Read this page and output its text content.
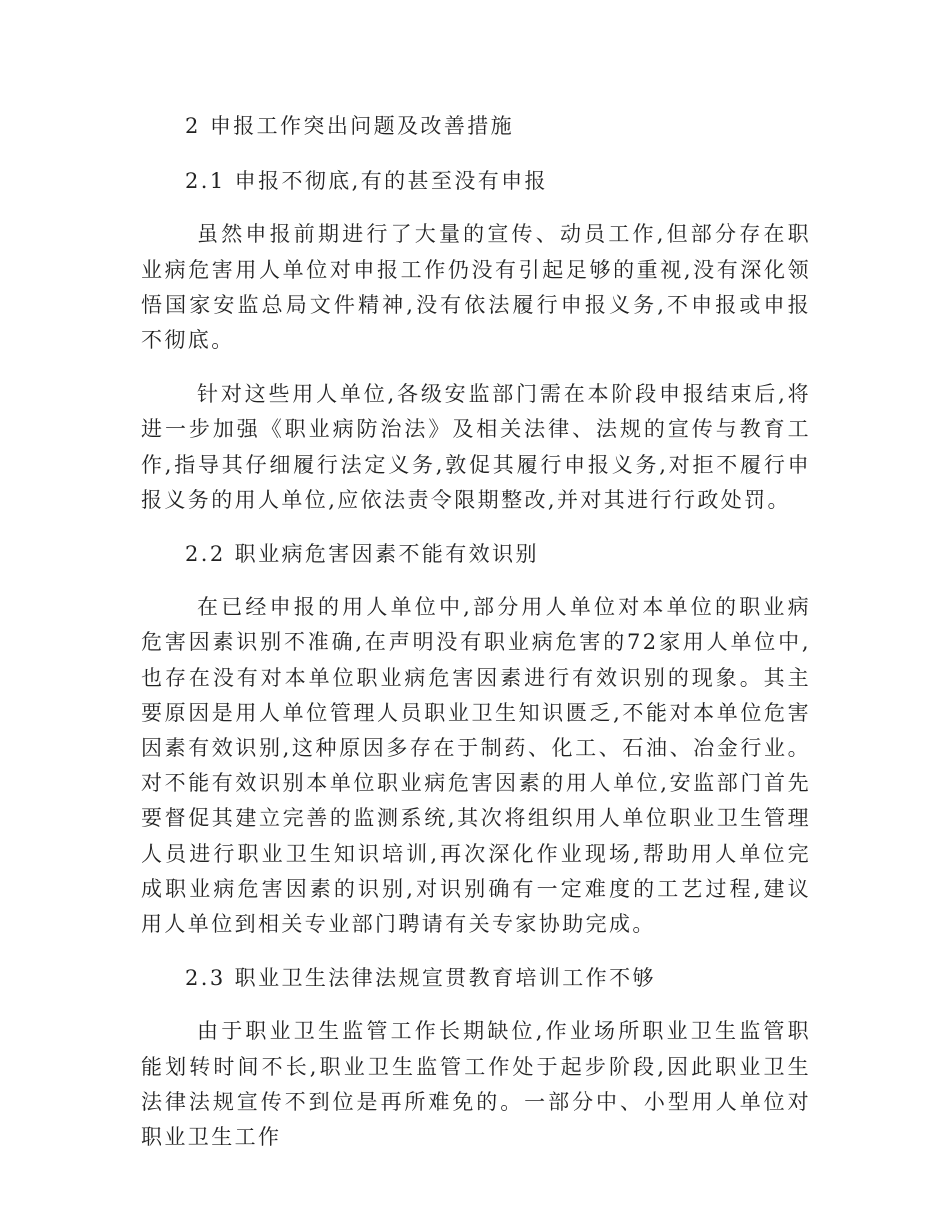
2 申报工作突出问题及改善措施

2.1 申报不彻底,有的甚至没有申报

虽然申报前期进行了大量的宣传、动员工作,但部分存在职业病危害用人单位对申报工作仍没有引起足够的重视,没有深化领悟国家安监总局文件精神,没有依法履行申报义务,不申报或申报不彻底。

针对这些用人单位,各级安监部门需在本阶段申报结束后,将进一步加强《职业病防治法》及相关法律、法规的宣传与教育工作,指导其仔细履行法定义务,敦促其履行申报义务,对拒不履行申报义务的用人单位,应依法责令限期整改,并对其进行行政处罚。

2.2 职业病危害因素不能有效识别

在已经申报的用人单位中,部分用人单位对本单位的职业病危害因素识别不准确,在声明没有职业病危害的72家用人单位中,也存在没有对本单位职业病危害因素进行有效识别的现象。其主要原因是用人单位管理人员职业卫生知识匮乏,不能对本单位危害因素有效识别,这种原因多存在于制药、化工、石油、冶金行业。对不能有效识别本单位职业病危害因素的用人单位,安监部门首先要督促其建立完善的监测系统,其次将组织用人单位职业卫生管理人员进行职业卫生知识培训,再次深化作业现场,帮助用人单位完成职业病危害因素的识别,对识别确有一定难度的工艺过程,建议用人单位到相关专业部门聘请有关专家协助完成。

2.3 职业卫生法律法规宣贯教育培训工作不够

由于职业卫生监管工作长期缺位,作业场所职业卫生监管职能划转时间不长,职业卫生监管工作处于起步阶段,因此职业卫生法律法规宣传不到位是再所难免的。一部分中、小型用人单位对职业卫生工作
